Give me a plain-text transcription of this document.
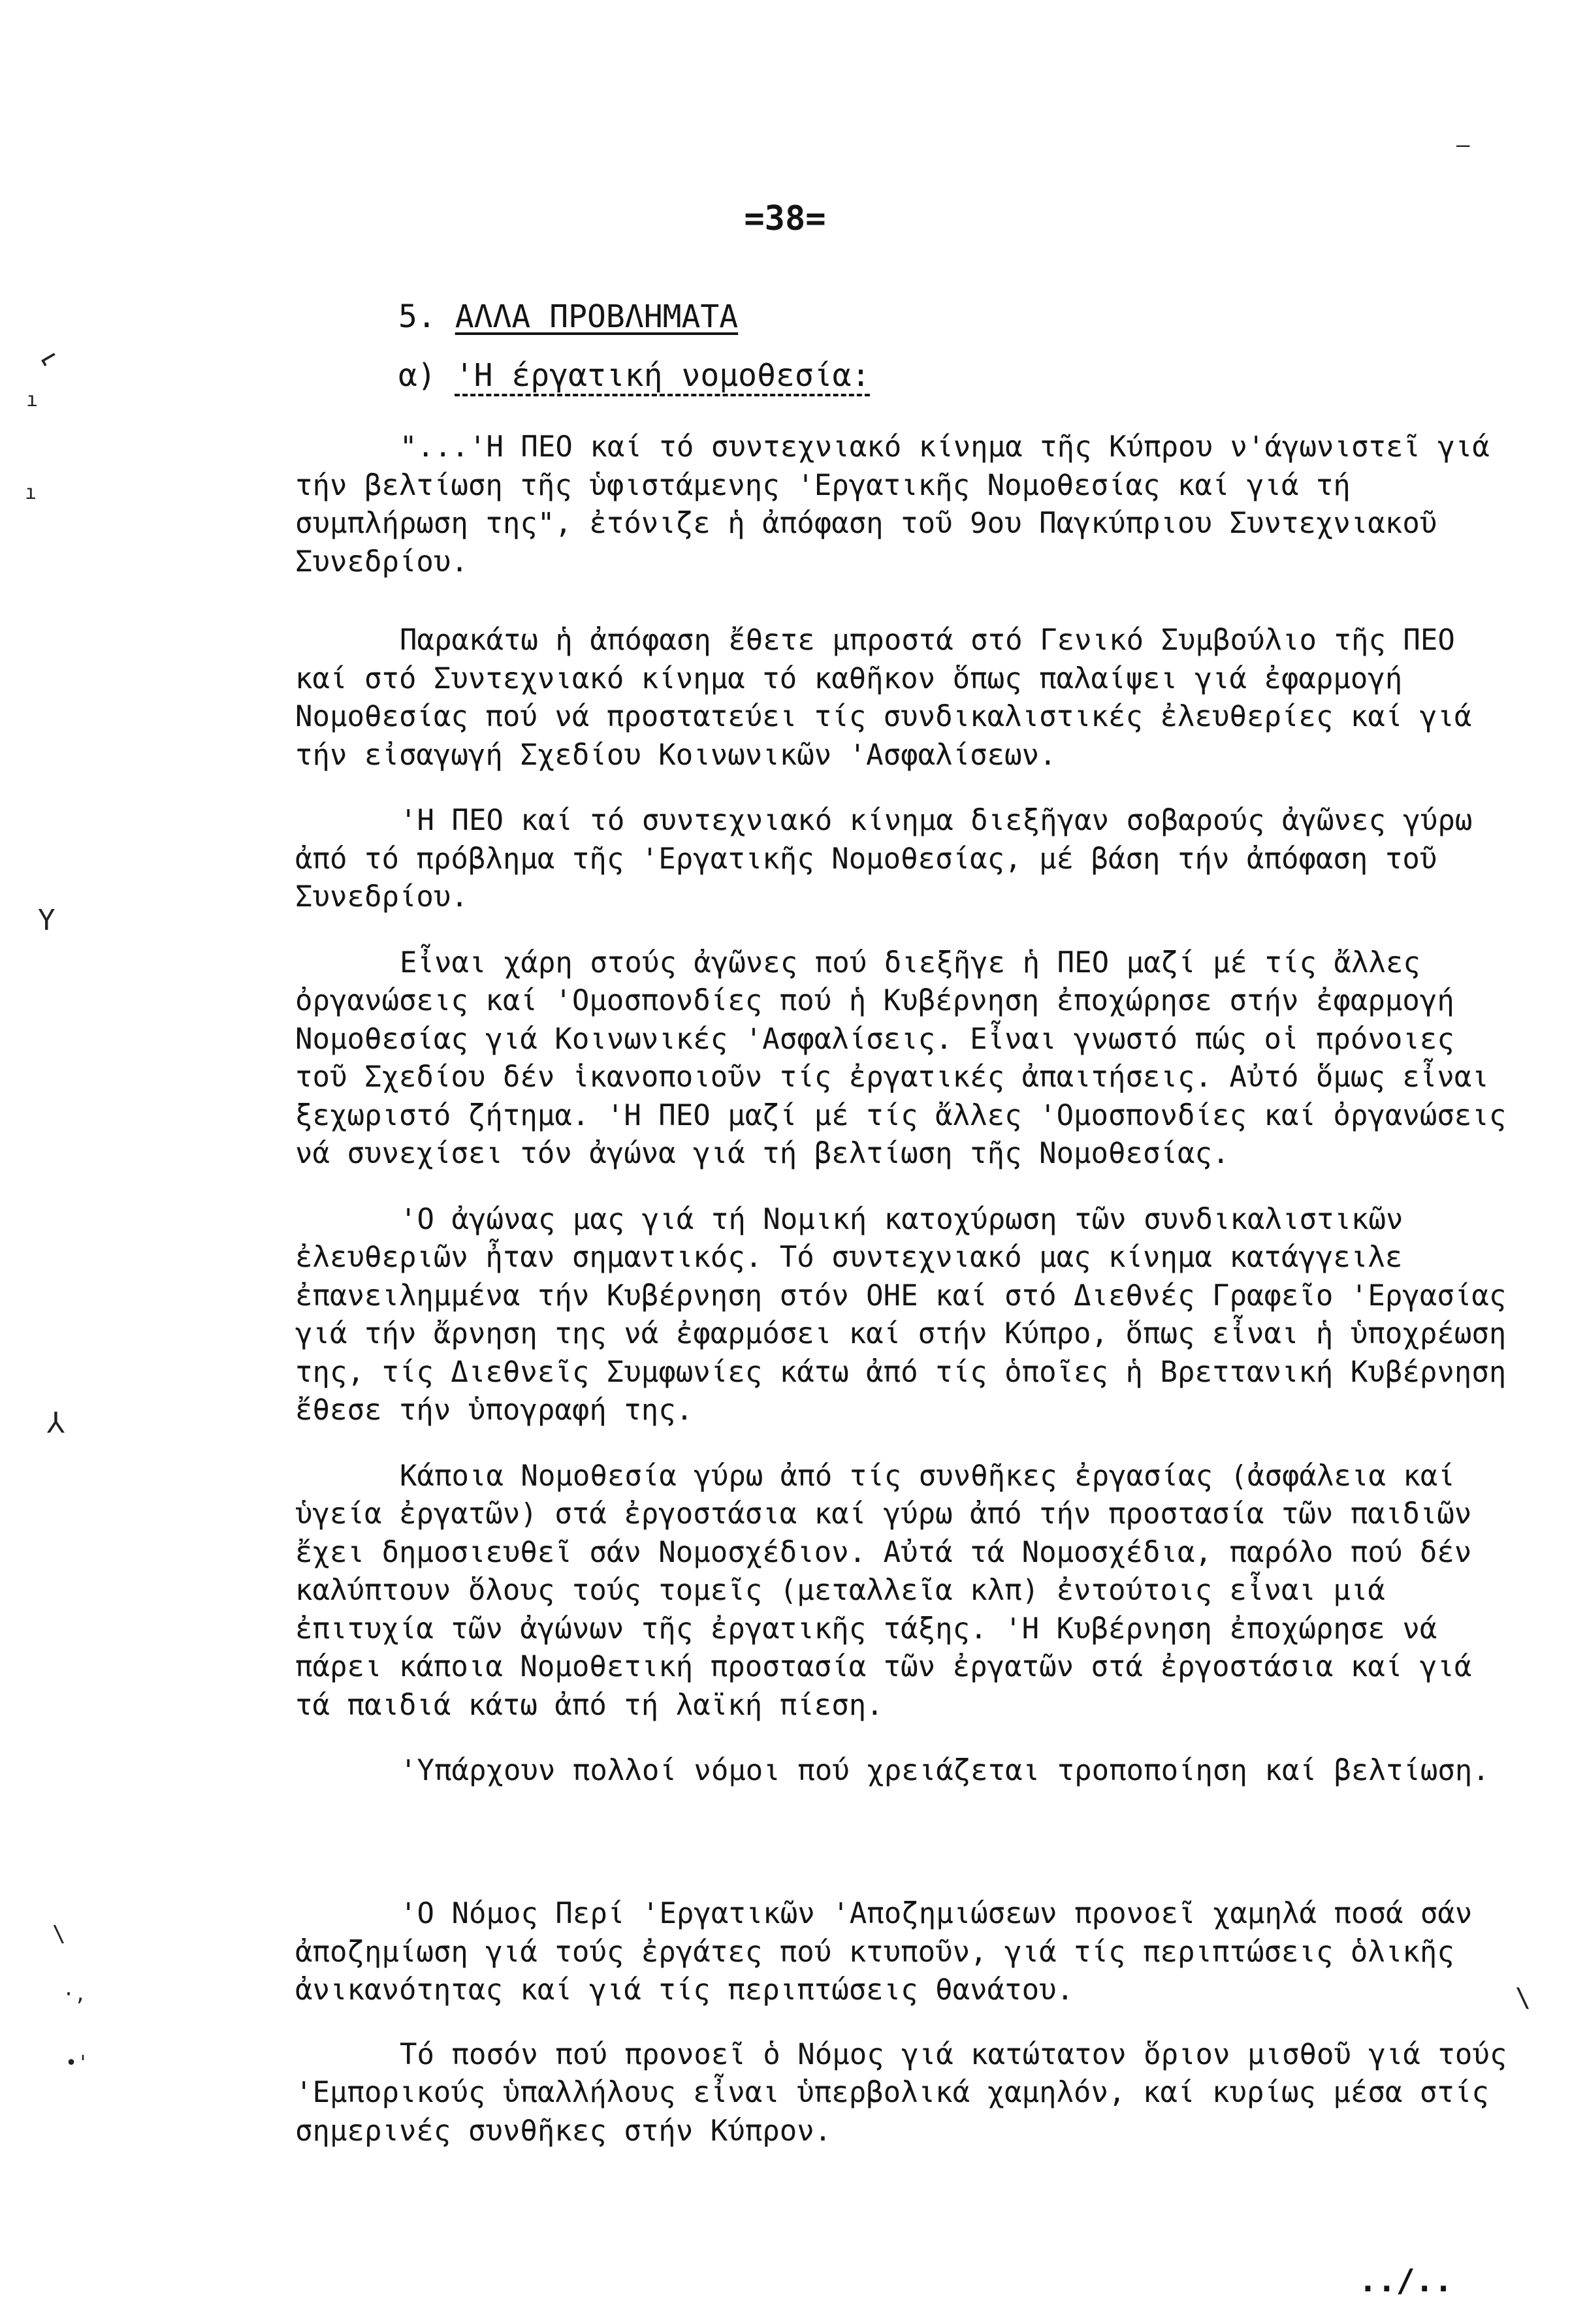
=38=
5. ΑΛΛΑ ΠΡΟΒΛΗΜΑΤΑ
α) 'Η έργατική νομοθεσία:

"...'Η ΠΕΟ καί τό συντεχνιακό κίνημα τῆς Κύπρου ν'άγωνιστεῖ γιά τήν βελτίωση τῆς ὑφιστάμενης 'Εργατικῆς Νομοθεσίας καί γιά τή συμπλήρωση της", ἐτόνιζε ἡ ἀπόφαση τοῦ 9ου Παγκύπριου Συντεχνιακοῦ Συνεδρίου.

Παρακάτω ἡ ἀπόφαση ἔθετε μπροστά στό Γενικό Συμβούλιο τῆς ΠΕΟ καί στό Συντεχνιακό κίνημα τό καθῆκον ὅπως παλαίψει γιά ἐφαρμογή Νομοθεσίας πού νά προστατεύει τίς συνδικαλιστικές ἐλευθερίες καί γιά τήν εἰσαγωγή Σχεδίου Κοινωνικῶν 'Ασφαλίσεων.

'Η ΠΕΟ καί τό συντεχνιακό κίνημα διεξῆγαν σοβαρούς ἀγῶνες γύρω ἀπό τό πρόβλημα τῆς 'Εργατικῆς Νομοθεσίας, μέ βάση τήν ἀπόφαση τοῦ Συνεδρίου.

Εἶναι χάρη στούς ἀγῶνες πού διεξῆγε ἡ ΠΕΟ μαζί μέ τίς ἄλλες ὀργανώσεις καί 'Ομοσπονδίες πού ἡ Κυβέρνηση ἐποχώρησε στήν ἐφαρμογή Νομοθεσίας γιά Κοινωνικές 'Ασφαλίσεις. Εἶναι γνωστό πώς οἱ πρόνοιες τοῦ Σχεδίου δέν ἱκανοποιοῦν τίς ἐργατικές ἀπαιτήσεις. Αὐτό ὅμως εἶναι ξεχωριστό ζήτημα. 'Η ΠΕΟ μαζί μέ τίς ἄλλες 'Ομοσπονδίες καί ὀργανώσεις νά συνεχίσει τόν ἀγώνα γιά τή βελτίωση τῆς Νομοθεσίας.

'Ο ἀγώνας μας γιά τή Νομική κατοχύρωση τῶν συνδικαλιστικῶν ἐλευθεριῶν ἦταν σημαντικός. Τό συντεχνιακό μας κίνημα κατάγγειλε ἐπανειλημμένα τήν Κυβέρνηση στόν ΟΗΕ καί στό Διεθνές Γραφεῖο 'Εργασίας γιά τήν ἄρνηση της νά ἐφαρμόσει καί στήν Κύπρο, ὅπως εἶναι ἡ ὑποχρέωση της, τίς Διεθνεῖς Συμφωνίες κάτω ἀπό τίς ὁποῖες ἡ Βρεττανική Κυβέρνηση ἔθεσε τήν ὑπογραφή της.

Κάποια Νομοθεσία γύρω ἀπό τίς συνθῆκες ἐργασίας (ἀσφάλεια καί ὑγεία ἐργατῶν) στά ἐργοστάσια καί γύρω ἀπό τήν προστασία τῶν παιδιῶν ἔχει δημοσιευθεῖ σάν Νομοσχέδιον. Αὐτά τά Νομοσχέδια, παρόλο πού δέν καλύπτουν ὅλους τούς τομεῖς (μεταλλεῖα κλπ) ἐντούτοις εἶναι μιά ἐπιτυχία τῶν ἀγώνων τῆς ἐργατικῆς τάξης. 'Η Κυβέρνηση ἐποχώρησε νά πάρει κάποια Νομοθετική προστασία τῶν ἐργατῶν στά ἐργοστάσια καί γιά τά παιδιά κάτω ἀπό τή λαϊκή πίεση.

'Υπάρχουν πολλοί νόμοι πού χρειάζεται τροποποίηση καί βελτίωση.

'Ο Νόμος Περί 'Εργατικῶν 'Αποζημιώσεων προνοεῖ χαμηλά ποσά σάν ἀποζημίωση γιά τούς ἐργάτες πού κτυποῦν, γιά τίς περιπτώσεις ὁλικῆς ἀνικανότητας καί γιά τίς περιπτώσεις θανάτου.

Τό ποσόν πού προνοεῖ ὁ Νόμος γιά κατώτατον ὅριον μισθοῦ γιά τούς 'Εμπορικούς ὑπαλλήλους εἶναι ὑπερβολικά χαμηλόν, καί κυρίως μέσα στίς σημερινές συνθῆκες στήν Κύπρον.

../..
⌐
ı
ı
Y
⅄
\
·,
•'
\
—
